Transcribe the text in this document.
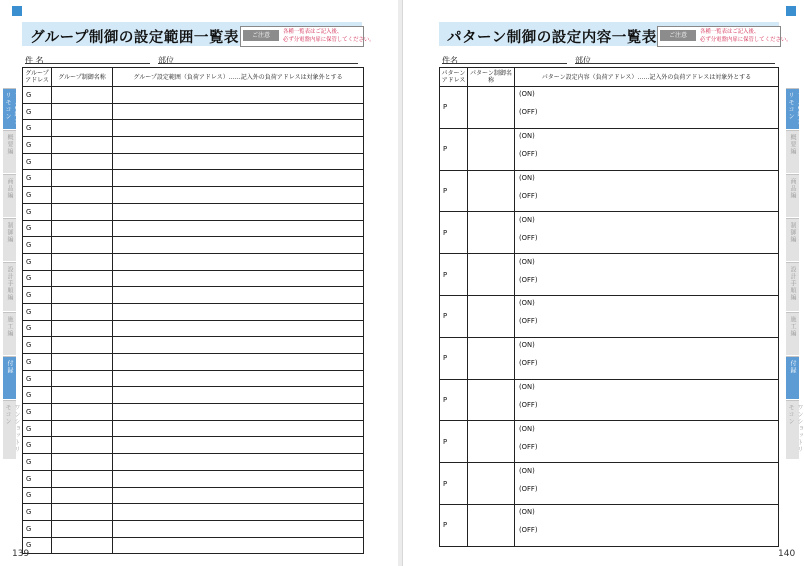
グループ制御の設定範囲一覧表	ご注意	各種一覧表はご記入後、
必ず分電盤内扉に保管してください。
件 名	部位
グループアドレス	グループ制御名称	グループ設定範囲（負荷アドレス）……記入外の負荷アドレスは対象外とする
G		
G		
G		
G		
G		
G		
G		
G		
G		
G		
G		
G		
G		
G		
G		
G		
G		
G		
G		
G		
G		
G		
G		
G		
G		
G		
G		
G		
139
パターン制御の設定内容一覧表	ご注意	各種一覧表はご記入後、
必ず分電盤内扉に保管してください。
件名	部位
パターンアドレス	パターン制御名称	パターン設定内容（負荷アドレス）……記入外の負荷アドレスは対象外とする
P		(ON)
(OFF)

P		(ON)
(OFF)

P		(ON)
(OFF)

P		(ON)
(OFF)

P		(ON)
(OFF)

P		(ON)
(OFF)

P		(ON)
(OFF)

P		(ON)
(OFF)

P		(ON)
(OFF)

P		(ON)
(OFF)

P		(ON)
(OFF)
フル2線式リモコン
概要編
商品編
制御編
設計手順編
施工編
付録
ワンショットリモコン
140
フル2線式リモコン
概要編
商品編
制御編
設計手順編
施工編
付録
ワンショットリモコン
